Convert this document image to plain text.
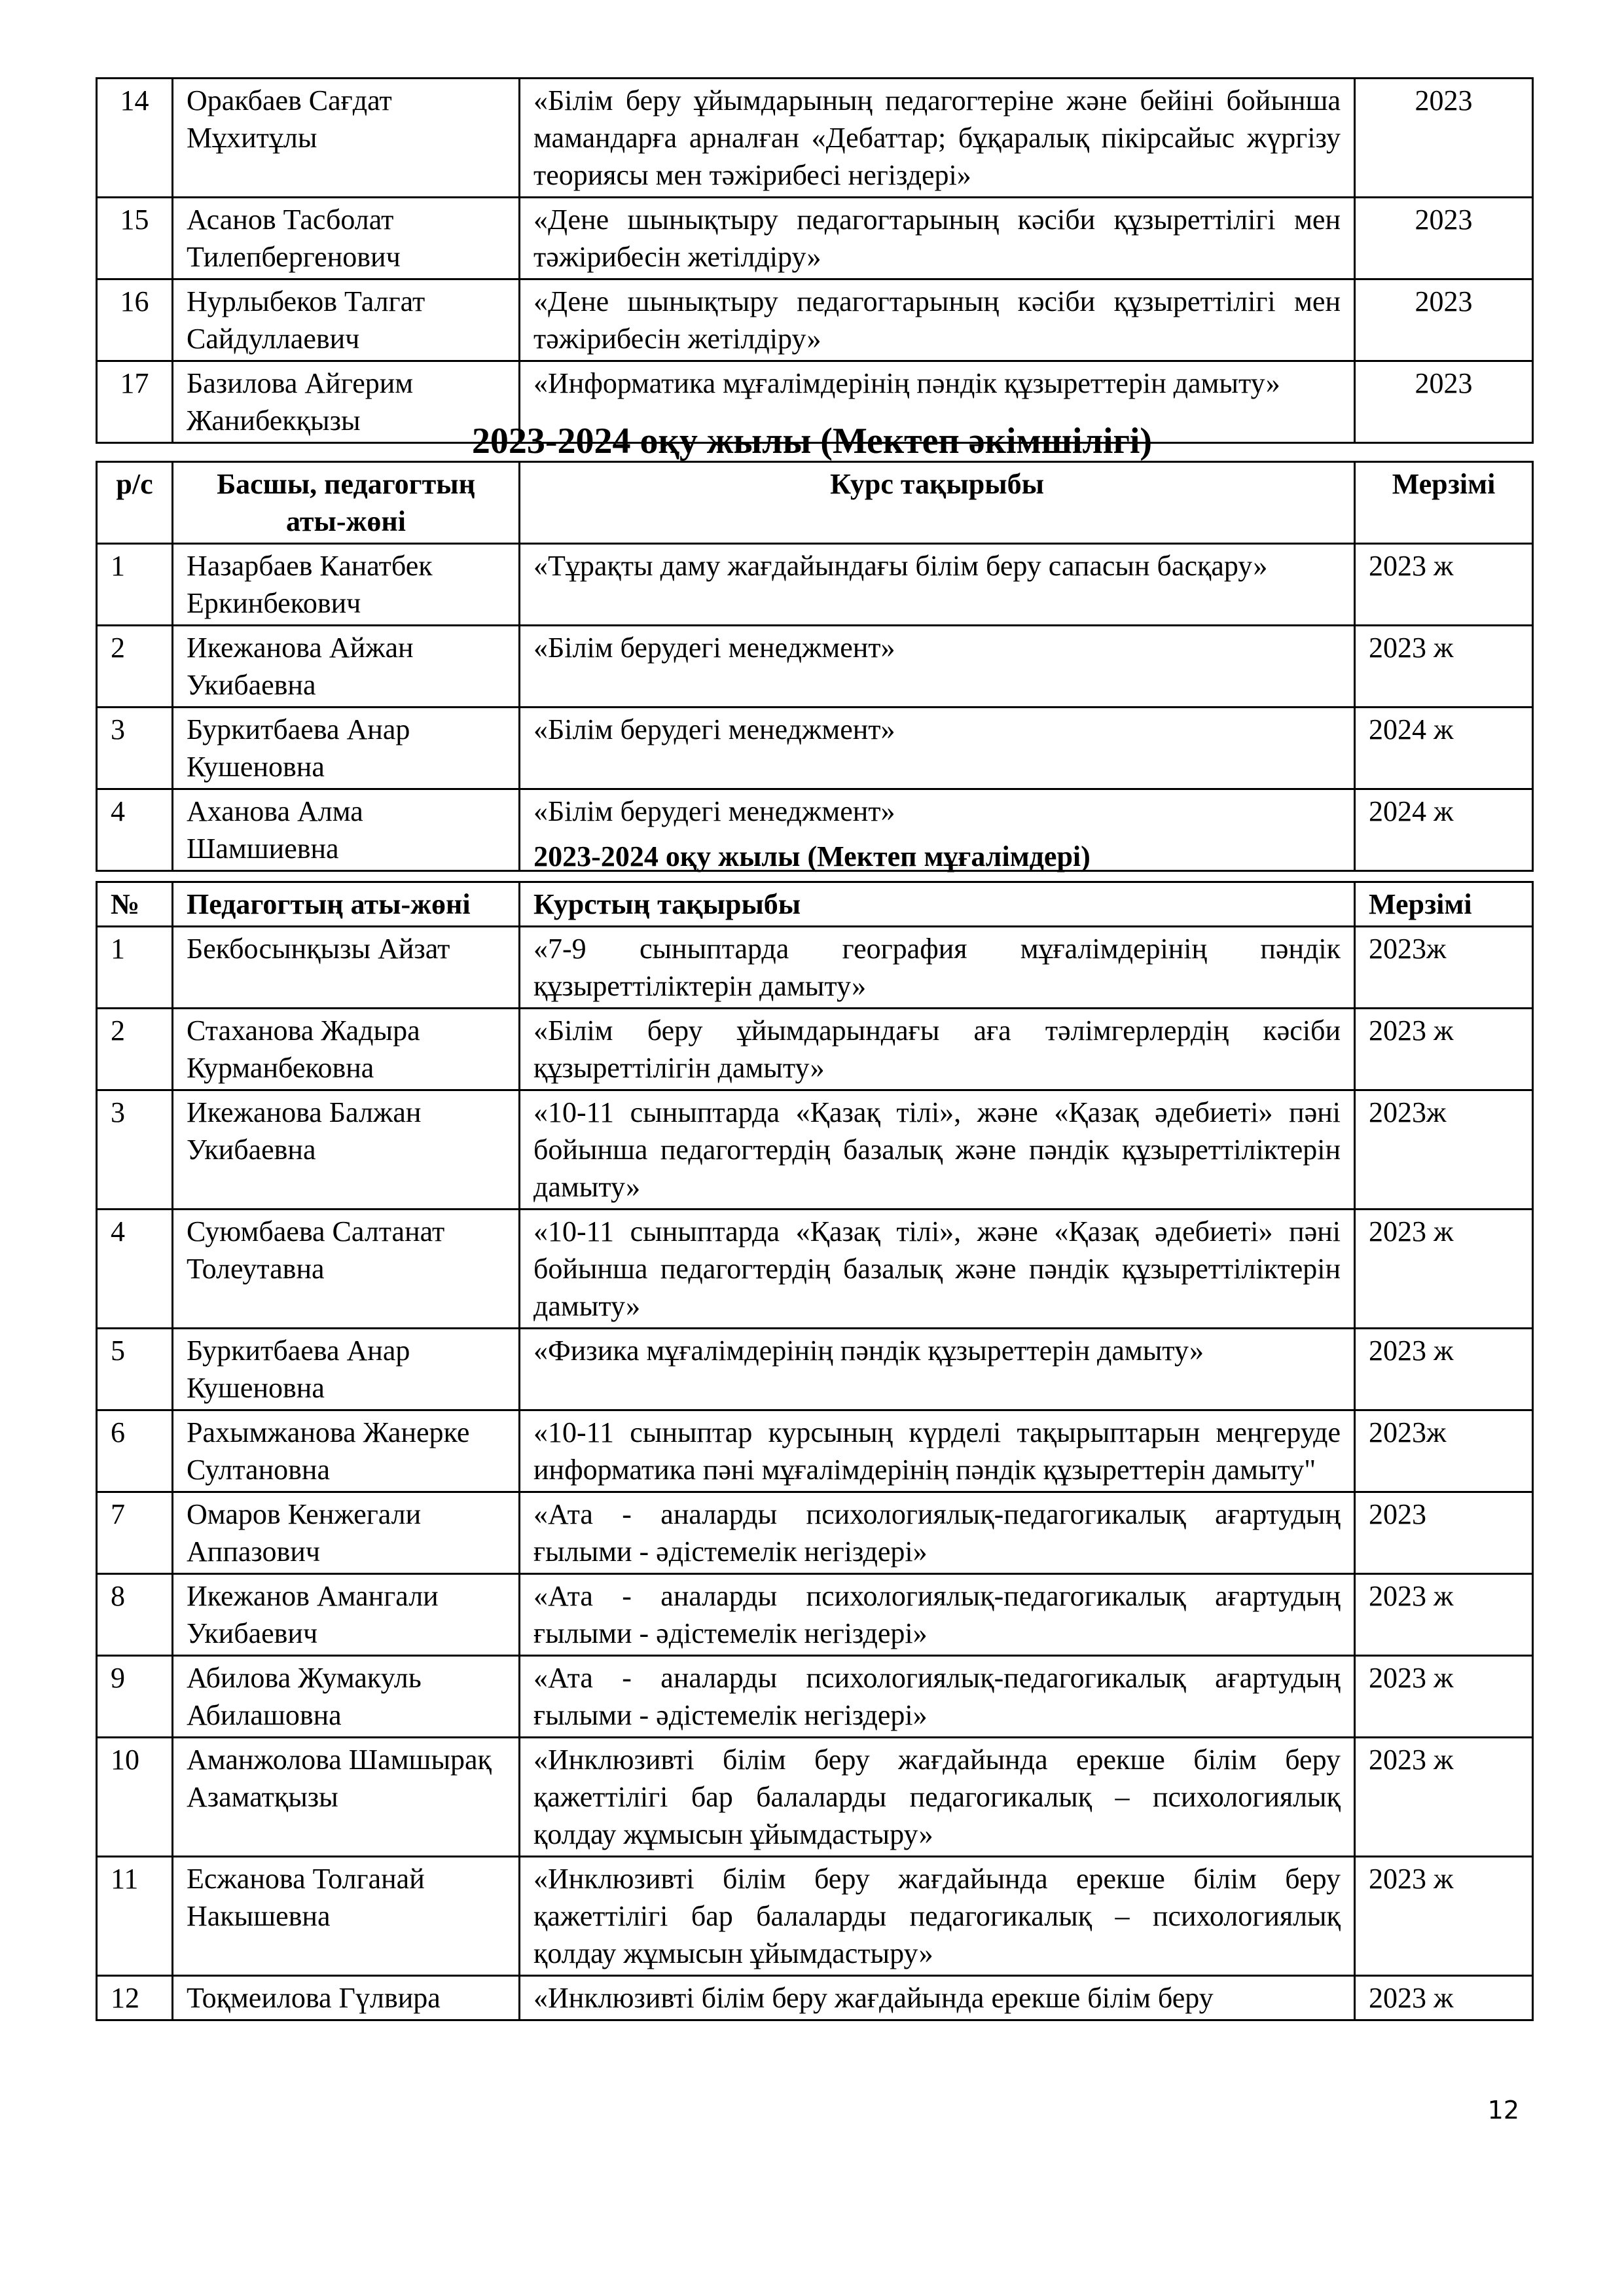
14	Оракбаев Сағдат Мұхитұлы	«Білім беру ұйымдарының педагогтеріне және бейіні бойынша мамандарға арналған «Дебаттар; бұқаралық пікірсайыс жүргізу теориясы мен тәжірибесі негіздері»	2023
15	Асанов Тасболат Тилепбергенович	«Дене шынықтыру педагогтарының кәсіби құзыреттілігі мен тәжірибесін жетілдіру»	2023
16	Нурлыбеков Талгат Сайдуллаевич	«Дене шынықтыру педагогтарының кәсіби құзыреттілігі мен тәжірибесін жетілдіру»	2023
17	Базилова Айгерим Жанибекқызы	«Информатика мұғалімдерінің пәндік құзыреттерін дамыту»	2023
2023-2024 оқу жылы (Мектеп әкімшілігі)
р/с	Басшы, педагогтың аты-жөні	Курс тақырыбы	Мерзімі
1	Назарбаев Канатбек Еркинбекович	«Тұрақты даму жағдайындағы білім беру сапасын басқару»	2023 ж
2	Икежанова Айжан Укибаевна	«Білім берудегі менеджмент»	2023 ж
3	Буркитбаева Анар Кушеновна	«Білім берудегі менеджмент»	2024 ж
4	Аханова Алма Шамшиевна	«Білім берудегі менеджмент»	2024 ж
2023-2024 оқу жылы (Мектеп мұғалімдері)
№	Педагогтың аты-жөні	Курстың тақырыбы	Мерзімі
1	Бекбосынқызы Айзат	«7-9 сыныптарда география мұғалімдерінің пәндік құзыреттіліктерін дамыту»	2023ж
2	Стаханова Жадыра Курманбековна	«Білім беру ұйымдарындағы аға тәлімгерлердің кәсіби құзыреттілігін дамыту»	2023 ж
3	Икежанова Балжан Укибаевна	«10-11 сыныптарда «Қазақ тілі», және «Қазақ әдебиеті» пәні бойынша педагогтердің базалық және пәндік құзыреттіліктерін дамыту»	2023ж
4	Суюмбаева Салтанат Толеутавна	«10-11 сыныптарда «Қазақ тілі», және «Қазақ әдебиеті» пәні бойынша педагогтердің базалық және пәндік құзыреттіліктерін дамыту»	2023 ж
5	Буркитбаева Анар Кушеновна	«Физика мұғалімдерінің пәндік құзыреттерін дамыту»	2023 ж
6	Рахымжанова Жанерке Султановна	«10-11 сыныптар курсының күрделі тақырыптарын меңгеруде информатика пәні мұғалімдерінің пәндік құзыреттерін дамыту"	2023ж
7	Омаров Кенжегали Аппазович	«Ата - аналарды психологиялық-педагогикалық ағартудың ғылыми - әдістемелік негіздері»	2023
8	Икежанов Амангали Укибаевич	«Ата - аналарды психологиялық-педагогикалық ағартудың ғылыми - әдістемелік негіздері»	2023 ж
9	Абилова Жумакуль Абилашовна	«Ата - аналарды психологиялық-педагогикалық ағартудың ғылыми - әдістемелік негіздері»	2023 ж
10	Аманжолова Шамшырақ Азаматқызы	«Инклюзивті білім беру жағдайында ерекше білім беру қажеттілігі бар балаларды педагогикалық – психологиялық қолдау жұмысын ұйымдастыру»	2023 ж
11	Есжанова Толганай Накышевна	«Инклюзивті білім беру жағдайында ерекше білім беру қажеттілігі бар балаларды педагогикалық – психологиялық қолдау жұмысын ұйымдастыру»	2023 ж
12	Тоқмеилова Гүлвира	«Инклюзивті білім беру жағдайында ерекше білім беру	2023 ж
12
